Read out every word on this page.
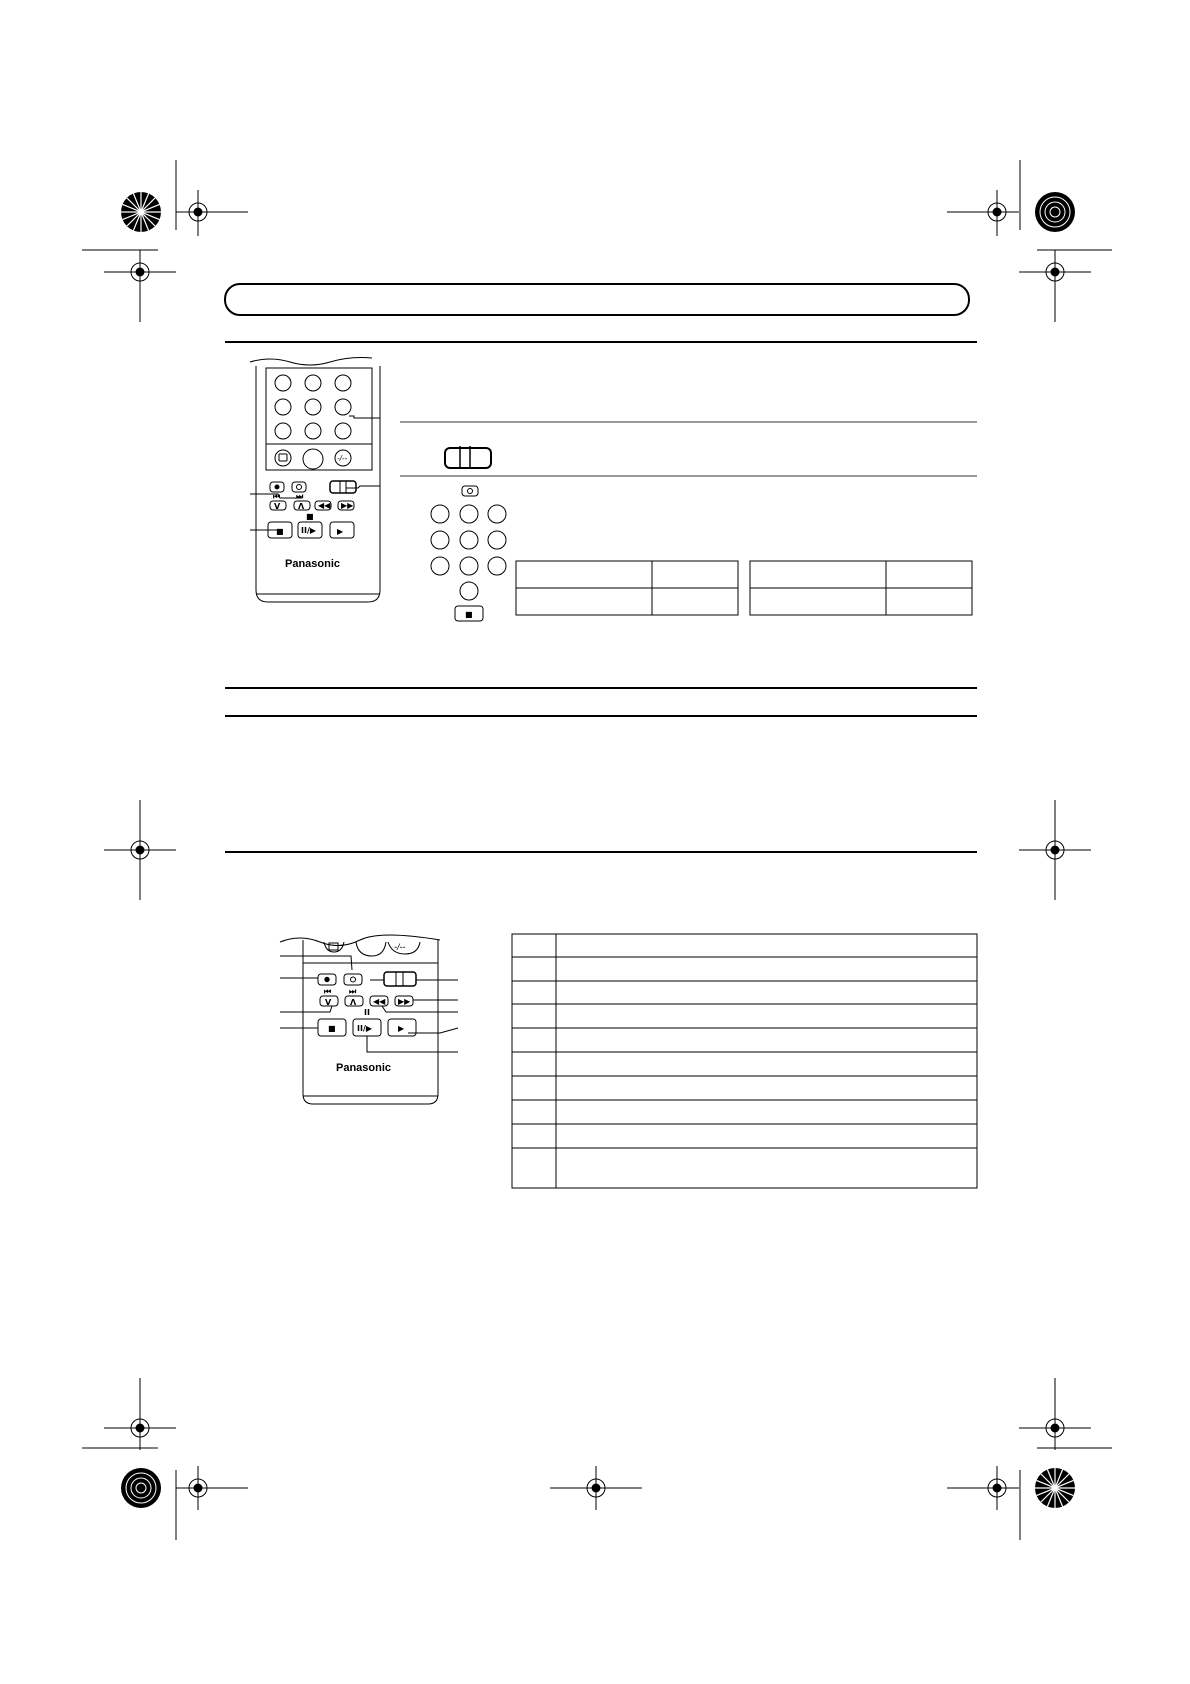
-/--
⏮ ⏭
V Λ ◀◀ ▶▶
■
■ II/▶	▶
Panasonic
■
-/--
⏮ ⏭
V Λ ◀◀ ▶▶
II
■	II/▶	▶
Panasonic
